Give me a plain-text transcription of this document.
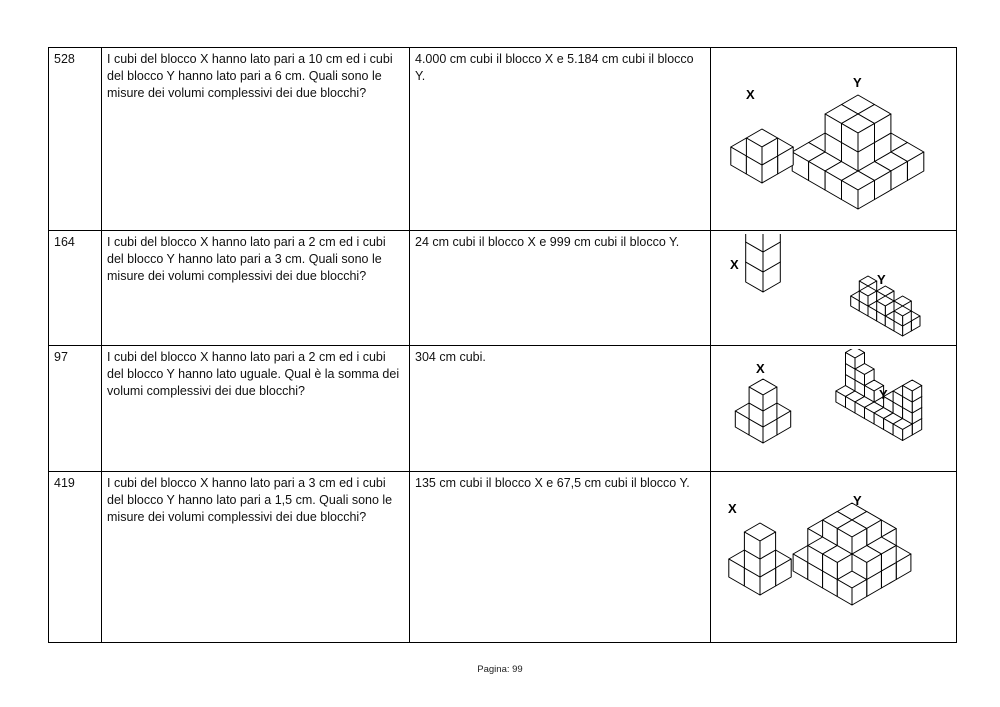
528	I cubi del blocco X hanno lato pari a 10 cm ed i cubi del blocco Y hanno lato pari a 6 cm. Quali sono le misure dei volumi complessivi dei due blocchi?	4.000 cm cubi il blocco X e 5.184 cm cubi il blocco Y.	X
Y

164	I cubi del blocco X hanno lato pari a 2 cm ed i cubi del blocco Y hanno lato pari a 3 cm. Quali sono le misure dei volumi complessivi dei due blocchi?	24 cm cubi il blocco X e 999 cm cubi il blocco Y.	X
Y

97	I cubi del blocco X hanno lato pari a 2 cm ed i cubi del blocco Y hanno lato uguale. Qual è la somma dei volumi complessivi dei due blocchi?	304 cm cubi.	X
Y

419	I cubi del blocco X hanno lato pari a 3 cm ed i cubi del blocco Y hanno lato pari a 1,5 cm. Quali sono le misure dei volumi complessivi dei due blocchi?	135 cm cubi il blocco X e 67,5 cm cubi il blocco Y.	X
Y
Pagina: 99
